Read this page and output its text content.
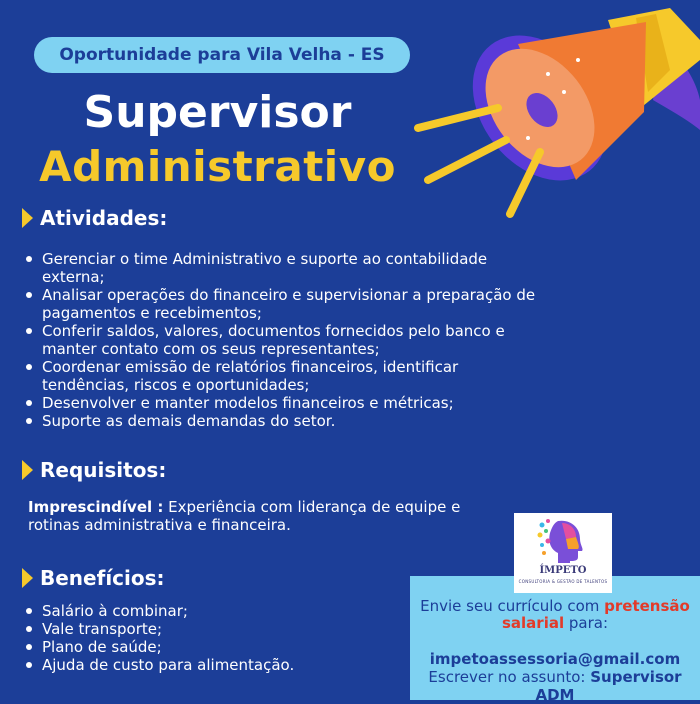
Oportunidade para Vila Velha - ES
Supervisor
Administrativo
Atividades:
Gerenciar o time Administrativo e suporte ao contabilidade externa;
Analisar operações do financeiro e supervisionar a preparação de pagamentos e recebimentos;
Conferir saldos, valores, documentos fornecidos pelo banco e manter contato com os seus representantes;
Coordenar emissão de relatórios financeiros, identificar tendências, riscos e oportunidades;
Desenvolver e manter modelos financeiros e métricas;
Suporte as demais demandas do setor.
Requisitos:
Imprescindível : Experiência com liderança de equipe e rotinas administrativa e financeira.
Benefícios:
Salário à combinar;
Vale transporte;
Plano de saúde;
Ajuda de custo para alimentação.
Envie seu currículo com pretensão
salarial para:
impetoassessoria@gmail.com
Escrever no assunto: Supervisor ADM
ÍMPETO
CONSULTORIA & GESTÃO DE TALENTOS
